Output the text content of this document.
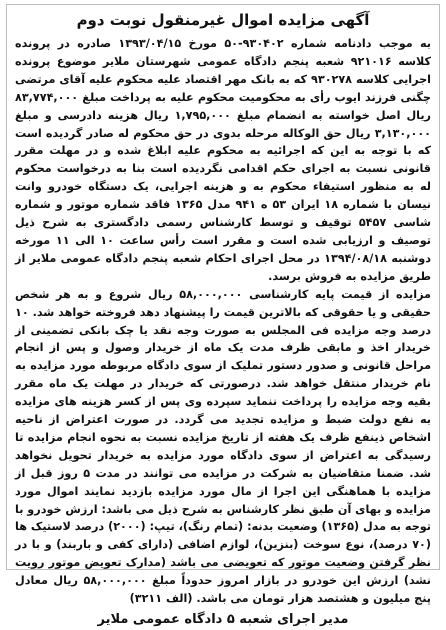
آگهی مزایده اموال غیرمنقول نوبت دوم

به موجب دادنامه شماره ۹۳۰۴۰۲-۵۰ مورخ ۱۳۹۳/۰۴/۱۵ صادره در پرونده کلاسه ۹۲۱۰۱۶ شعبه پنجم دادگاه عمومی شهرستان ملایر موضوع پرونده اجرایی کلاسه ۹۳۰۲۷۸ که به بانک مهر اقتصاد علیه محکوم علیه آقای مرتضی چگنی فرزند ایوب رأی به محکومیت محکوم علیه به پرداخت مبلغ ۸۳,۷۷۴,۰۰۰ ریال اصل خواسته به انضمام مبلغ ۱,۷۹۵,۰۰۰ ریال هزینه دادرسی و مبلغ ۳,۱۳۰,۰۰۰ ریال حق الوکاله مرحله بدوی در حق محکوم له صادر گردیده است که با توجه به این که اجرائیه به محکوم علیه ابلاغ شده و در مهلت مقرر قانونی نسبت به اجرای حکم اقدامی نگردیده است بنا به درخواست محکوم له به منظور استیفاء محکوم به و هزینه اجرایی، یک دستگاه خودرو وانت نیسان با شماره ۱۸ ایران ۵۳ ه ۹۴۱ مدل ۱۳۶۵ فاقد شماره موتور و شماره شاسی ۵۴۵۷ توقیف و توسط کارشناس رسمی دادگستری به شرح ذیل توصیف و ارزیابی شده است و مقرر است رأس ساعت ۱۰ الی ۱۱ مورخه دوشنبه ۱۳۹۴/۰۸/۱۸ در محل اجرای احکام شعبه پنجم دادگاه عمومی ملایر از طریق مزایده به فروش برسد.

مزایده از قیمت پایه کارشناسی ۵۸,۰۰۰,۰۰۰ ریال شروع و به هر شخص حقیقی و یا حقوقی که بالاترین قیمت را پیشنهاد دهد فروخته خواهد شد. ۱۰ درصد وجه مزایده فی المجلس به صورت وجه نقد یا چک بانکی تضمینی از خریدار اخذ و مابقی ظرف مدت یک ماه از خریدار وصول و پس از انجام مراحل قانونی و صدور دستور تملیک از سوی دادگاه مربوطه مورد مزایده به نام خریدار منتقل خواهد شد. درصورتی که خریدار در مهلت یک ماه مقرر بقیه وجه مزایده را پرداخت ننماید سپرده وی پس از کسر هزینه های مزایده به نفع دولت ضبط و مزایده تجدید می گردد. در صورت اعتراض از ناحیه اشخاص ذینفع ظرف یک هفته از تاریخ مزایده نسبت به نحوه انجام مزایده تا رسیدگی به اعتراض از سوی دادگاه مورد مزایده به خریدار تحویل نخواهد شد. ضمنا متقاضیان به شرکت در مزایده می توانند در مدت ۵ روز قبل از مزایده با هماهنگی این اجرا از مال مورد مزایده بازدید نمایند اموال مورد مزایده و بهای آن طبق نظر کارشناس به شرح ذیل می باشد: ارزش خودرو با توجه به مدل (۱۳۶۵) وضعیت بدنه: (تمام رنگ)، تیپ: (۲۰۰۰) درصد لاستیک ها (۷۰ درصد)، نوع سوخت (بنزین)، لوازم اضافی (دارای کفی و باربند) و با در نظر گرفتن وضعیت موتور که تعویضی می باشد (مدارک تعویض موتور رویت نشد) ارزش این خودرو در بازار امروز حدوداً مبلغ ۵۸,۰۰۰,۰۰۰ ریال معادل پنج میلیون و هشتصد هزار تومان می باشد. (الف ۳۲۱۱)

مدیر اجرای شعبه ۵ دادگاه عمومی ملایر
